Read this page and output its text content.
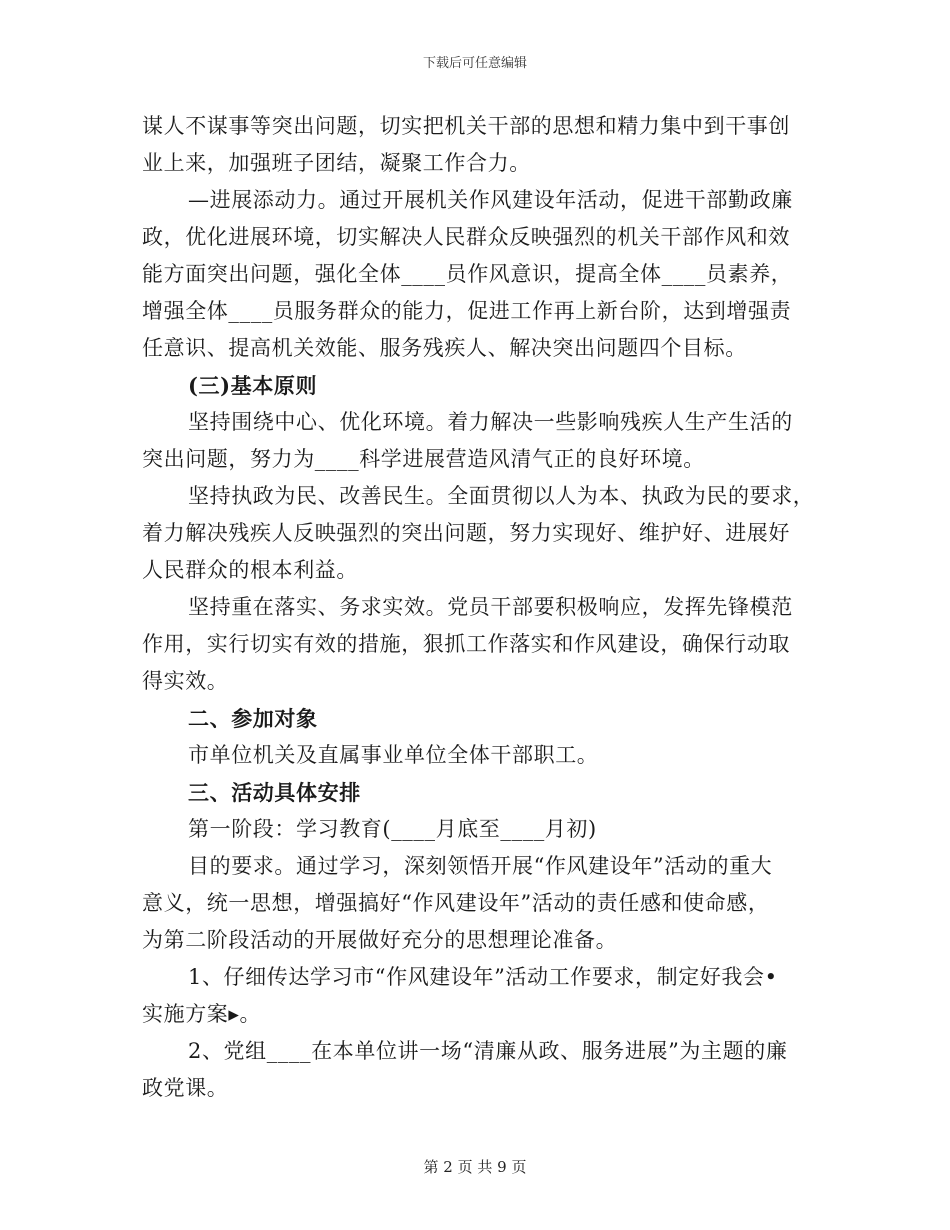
下载后可任意编辑
谋人不谋事等突出问题，切实把机关干部的思想和精力集中到干事创
业上来，加强班子团结，凝聚工作合力。
—进展添动力。通过开展机关作风建设年活动，促进干部勤政廉
政，优化进展环境，切实解决人民群众反映强烈的机关干部作风和效
能方面突出问题，强化全体____员作风意识，提高全体____员素养，
增强全体____员服务群众的能力，促进工作再上新台阶，达到增强责
任意识、提高机关效能、服务残疾人、解决突出问题四个目标。
(三)基本原则
坚持围绕中心、优化环境。着力解决一些影响残疾人生产生活的
突出问题，努力为____科学进展营造风清气正的良好环境。
坚持执政为民、改善民生。全面贯彻以人为本、执政为民的要求，
着力解决残疾人反映强烈的突出问题，努力实现好、维护好、进展好
人民群众的根本利益。
坚持重在落实、务求实效。党员干部要积极响应，发挥先锋模范
作用，实行切实有效的措施，狠抓工作落实和作风建设，确保行动取
得实效。
二、参加对象
市单位机关及直属事业单位全体干部职工。
三、活动具体安排
第一阶段：学习教育(____月底至____月初)
目的要求。通过学习，深刻领悟开展“作风建设年”活动的重大
意义，统一思想，增强搞好“作风建设年”活动的责任感和使命感，
为第二阶段活动的开展做好充分的思想理论准备。
1、仔细传达学习市“作风建设年”活动工作要求，制定好我会•
实施方案▸。
2、党组____在本单位讲一场“清廉从政、服务进展”为主题的廉
政党课。
第 2 页 共 9 页
